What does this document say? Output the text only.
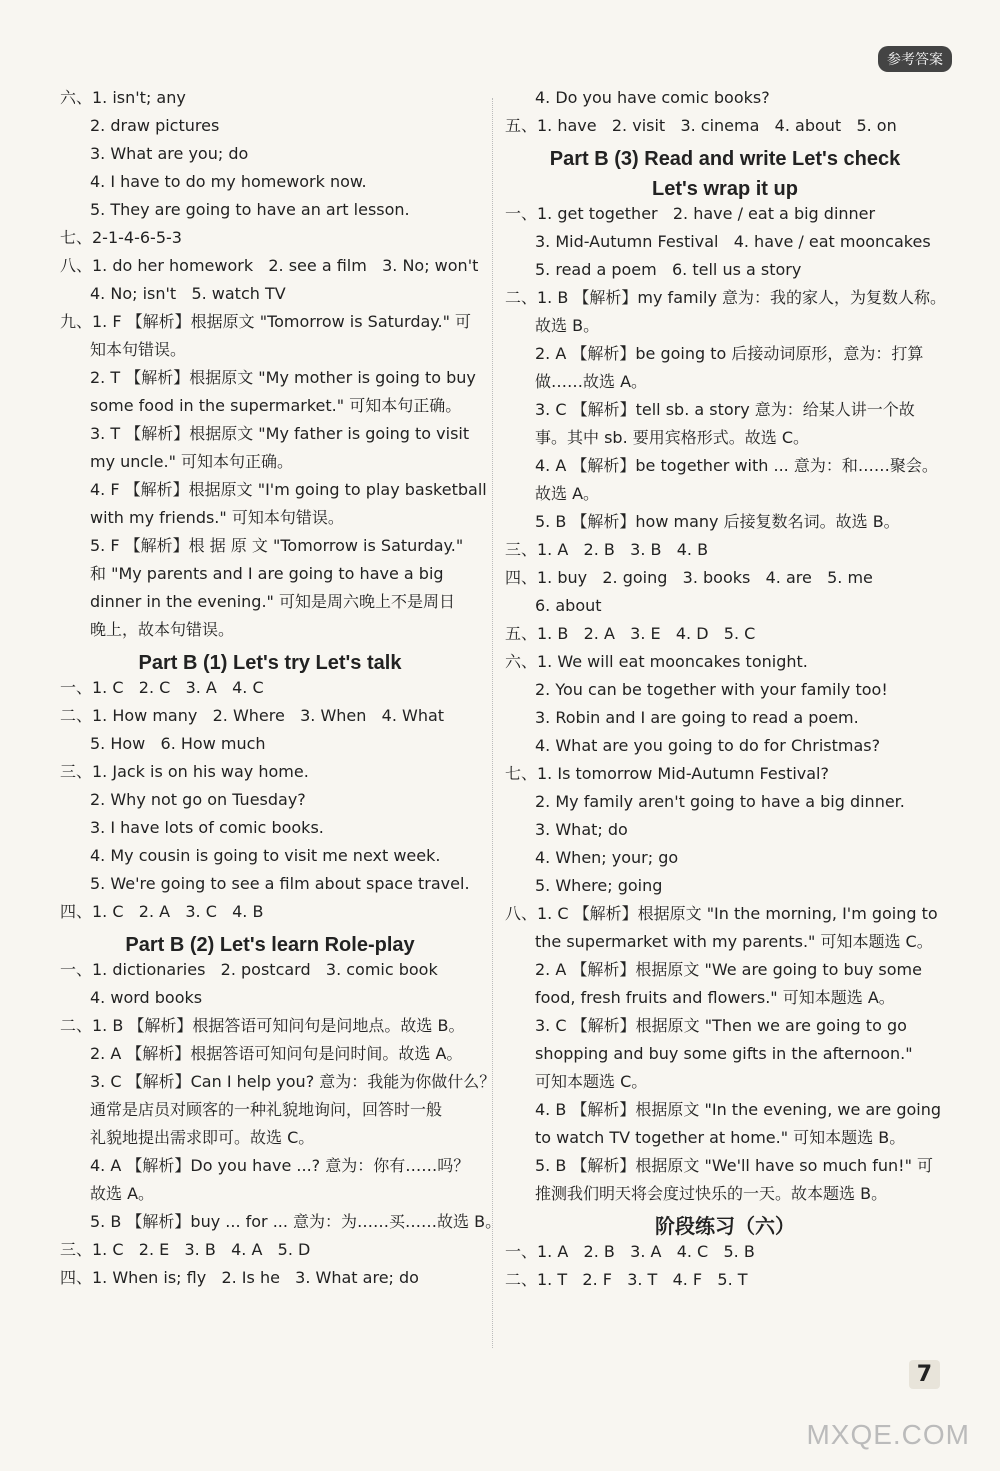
参考答案
六、1. isn't; any
2. draw pictures
3. What are you; do
4. I have to do my homework now.
5. They are going to have an art lesson.
七、2-1-4-6-5-3
八、1. do her homework   2. see a film   3. No; won't
4. No; isn't   5. watch TV
九、1. F 【解析】根据原文 "Tomorrow is Saturday." 可
知本句错误。
2. T 【解析】根据原文 "My mother is going to buy
some food in the supermarket." 可知本句正确。
3. T 【解析】根据原文 "My father is going to visit
my uncle." 可知本句正确。
4. F 【解析】根据原文 "I'm going to play basketball
with my friends." 可知本句错误。
5. F 【解析】根 据 原 文 "Tomorrow is Saturday."
和 "My parents and I are going to have a big
dinner in the evening." 可知是周六晚上不是周日
晚上，故本句错误。
Part B (1) Let's try Let's talk
一、1. C   2. C   3. A   4. C
二、1. How many   2. Where   3. When   4. What
5. How   6. How much
三、1. Jack is on his way home.
2. Why not go on Tuesday?
3. I have lots of comic books.
4. My cousin is going to visit me next week.
5. We're going to see a film about space travel.
四、1. C   2. A   3. C   4. B
Part B (2) Let's learn Role-play
一、1. dictionaries   2. postcard   3. comic book
4. word books
二、1. B 【解析】根据答语可知问句是问地点。故选 B。
2. A 【解析】根据答语可知问句是问时间。故选 A。
3. C 【解析】Can I help you? 意为：我能为你做什么？
通常是店员对顾客的一种礼貌地询问，回答时一般
礼貌地提出需求即可。故选 C。
4. A 【解析】Do you have ...? 意为：你有……吗？
故选 A。
5. B 【解析】buy ... for ... 意为：为……买……故选 B。
三、1. C   2. E   3. B   4. A   5. D
四、1. When is; fly   2. Is he   3. What are; do
4. Do you have comic books?
五、1. have   2. visit   3. cinema   4. about   5. on
Part B (3) Read and write Let's check
Let's wrap it up
一、1. get together   2. have / eat a big dinner
3. Mid-Autumn Festival   4. have / eat mooncakes
5. read a poem   6. tell us a story
二、1. B 【解析】my family 意为：我的家人，为复数人称。
故选 B。
2. A 【解析】be going to 后接动词原形，意为：打算
做……故选 A。
3. C 【解析】tell sb. a story 意为：给某人讲一个故
事。其中 sb. 要用宾格形式。故选 C。
4. A 【解析】be together with ... 意为：和……聚会。
故选 A。
5. B 【解析】how many 后接复数名词。故选 B。
三、1. A   2. B   3. B   4. B
四、1. buy   2. going   3. books   4. are   5. me
6. about
五、1. B   2. A   3. E   4. D   5. C
六、1. We will eat mooncakes tonight.
2. You can be together with your family too!
3. Robin and I are going to read a poem.
4. What are you going to do for Christmas?
七、1. Is tomorrow Mid-Autumn Festival?
2. My family aren't going to have a big dinner.
3. What; do
4. When; your; go
5. Where; going
八、1. C 【解析】根据原文 "In the morning, I'm going to
the supermarket with my parents." 可知本题选 C。
2. A 【解析】根据原文 "We are going to buy some
food, fresh fruits and flowers." 可知本题选 A。
3. C 【解析】根据原文 "Then we are going to go
shopping and buy some gifts in the afternoon."
可知本题选 C。
4. B 【解析】根据原文 "In the evening, we are going
to watch TV together at home." 可知本题选 B。
5. B 【解析】根据原文 "We'll have so much fun!" 可
推测我们明天将会度过快乐的一天。故本题选 B。
阶段练习（六）
一、1. A   2. B   3. A   4. C   5. B
二、1. T   2. F   3. T   4. F   5. T
7
MXQE.COM
